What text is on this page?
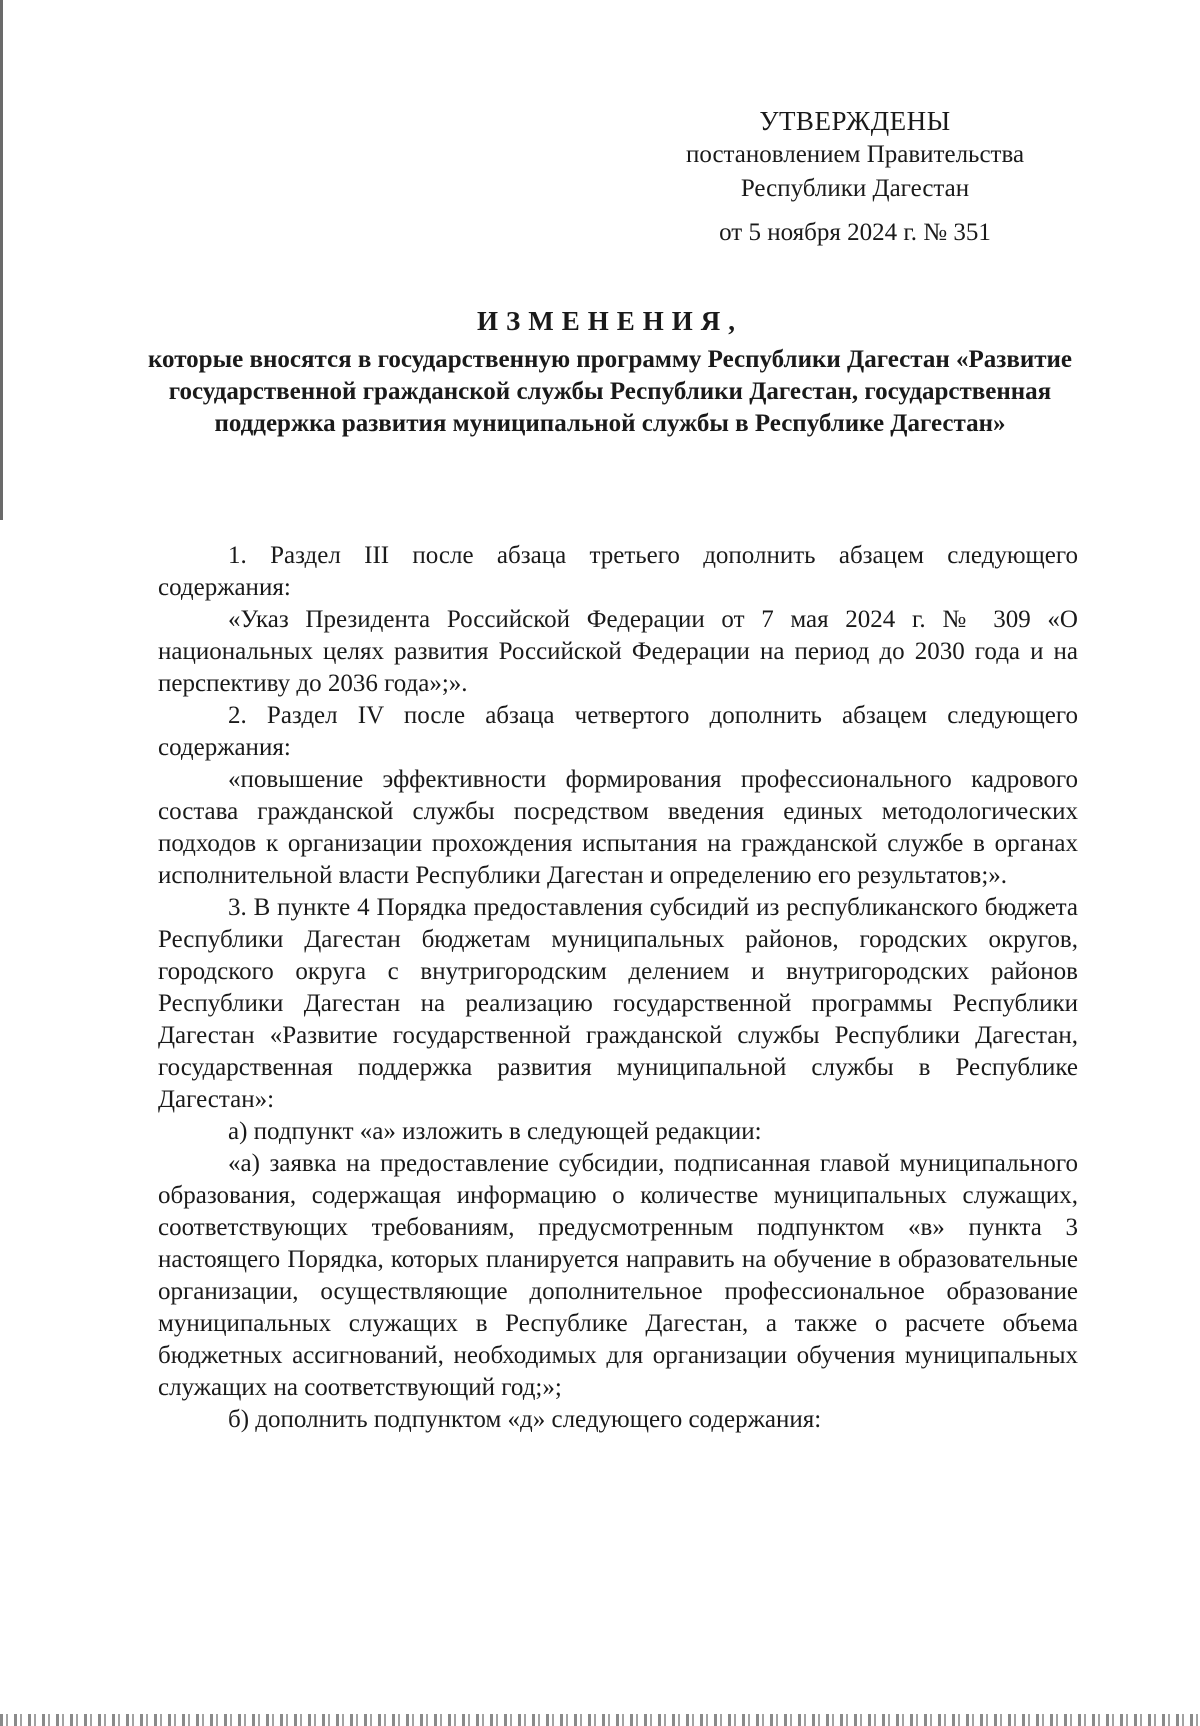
УТВЕРЖДЕНЫ
постановлением Правительства
Республики Дагестан
от 5 ноября 2024 г. № 351
ИЗМЕНЕНИЯ,

которые вносятся в государственную программу Республики Дагестан «Развитие государственной гражданской службы Республики Дагестан, государственная поддержка развития муниципальной службы в Республике Дагестан»

1. Раздел III после абзаца третьего дополнить абзацем следующего содержания:

«Указ Президента Российской Федерации от 7 мая 2024 г. № 309 «О национальных целях развития Российской Федерации на период до 2030 года и на перспективу до 2036 года»;».

2. Раздел IV после абзаца четвертого дополнить абзацем следующего содержания:

«повышение эффективности формирования профессионального кадрового состава гражданской службы посредством введения единых методологических подходов к организации прохождения испытания на гражданской службе в органах исполнительной власти Республики Дагестан и определению его результатов;».

3. В пункте 4 Порядка предоставления субсидий из республиканского бюджета Республики Дагестан бюджетам муниципальных районов, городских округов, городского округа с внутригородским делением и внутригородских районов Республики Дагестан на реализацию государственной программы Республики Дагестан «Развитие государственной гражданской службы Республики Дагестан, государственная поддержка развития муниципальной службы в Республике Дагестан»:

а) подпункт «а» изложить в следующей редакции:

«а) заявка на предоставление субсидии, подписанная главой муниципального образования, содержащая информацию о количестве муниципальных служащих, соответствующих требованиям, предусмотренным подпунктом «в» пункта 3 настоящего Порядка, которых планируется направить на обучение в образовательные организации, осуществляющие дополнительное профессиональное образование муниципальных служащих в Республике Дагестан, а также о расчете объема бюджетных ассигнований, необходимых для организации обучения муниципальных служащих на соответствующий год;»;

б) дополнить подпунктом «д» следующего содержания:
